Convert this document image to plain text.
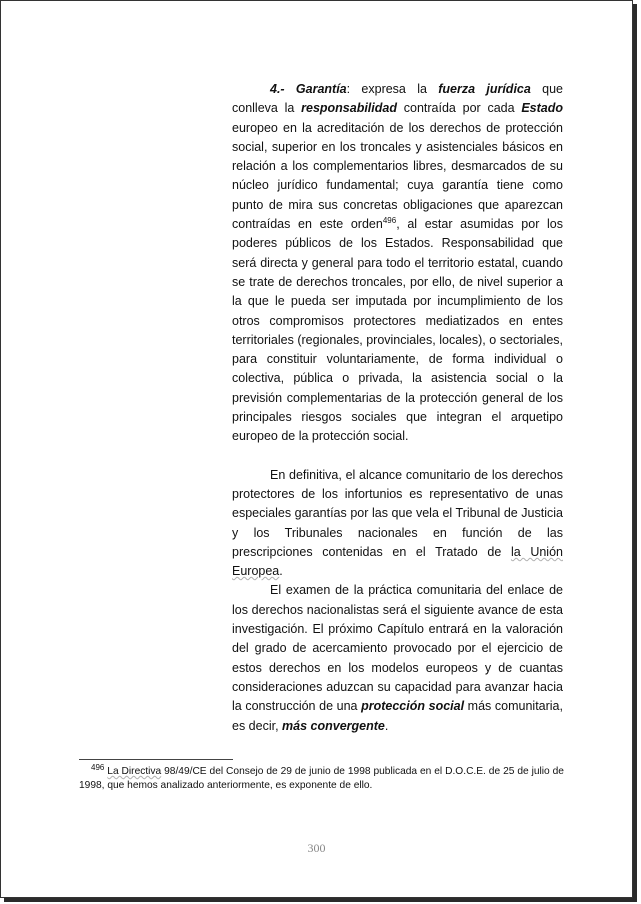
4.- Garantía: expresa la fuerza jurídica que conlleva la responsabilidad contraída por cada Estado europeo en la acreditación de los derechos de protección social, superior en los troncales y asistenciales básicos en relación a los complementarios libres, desmarcados de su núcleo jurídico fundamental; cuya garantía tiene como punto de mira sus concretas obligaciones que aparezcan contraídas en este orden$^{496}$, al estar asumidas por los poderes públicos de los Estados. Responsabilidad que será directa y general para todo el territorio estatal, cuando se trate de derechos troncales, por ello, de nivel superior a la que le pueda ser imputada por incumplimiento de los otros compromisos protectores mediatizados en entes territoriales (regionales, provinciales, locales), o sectoriales, para constituir voluntariamente, de forma individual o colectiva, pública o privada, la asistencia social o la previsión complementarias de la protección general de los principales riesgos sociales que integran el arquetipo europeo de la protección social.

En definitiva, el alcance comunitario de los derechos protectores de los infortunios es representativo de unas especiales garantías por las que vela el Tribunal de Justicia y los Tribunales nacionales en función de las prescripciones contenidas en el Tratado de la Unión Europea.

El examen de la práctica comunitaria del enlace de los derechos nacionalistas será el siguiente avance de esta investigación. El próximo Capítulo entrará en la valoración del grado de acercamiento provocado por el ejercicio de estos derechos en los modelos europeos y de cuantas consideraciones aduzcan su capacidad para avanzar hacia la construcción de una protección social más comunitaria, es decir, más convergente.

$^{496}$ La Directiva 98/49/CE del Consejo de 29 de junio de 1998 publicada en el D.O.C.E. de 25 de julio de 1998, que hemos analizado anteriormente, es exponente de ello.
300
